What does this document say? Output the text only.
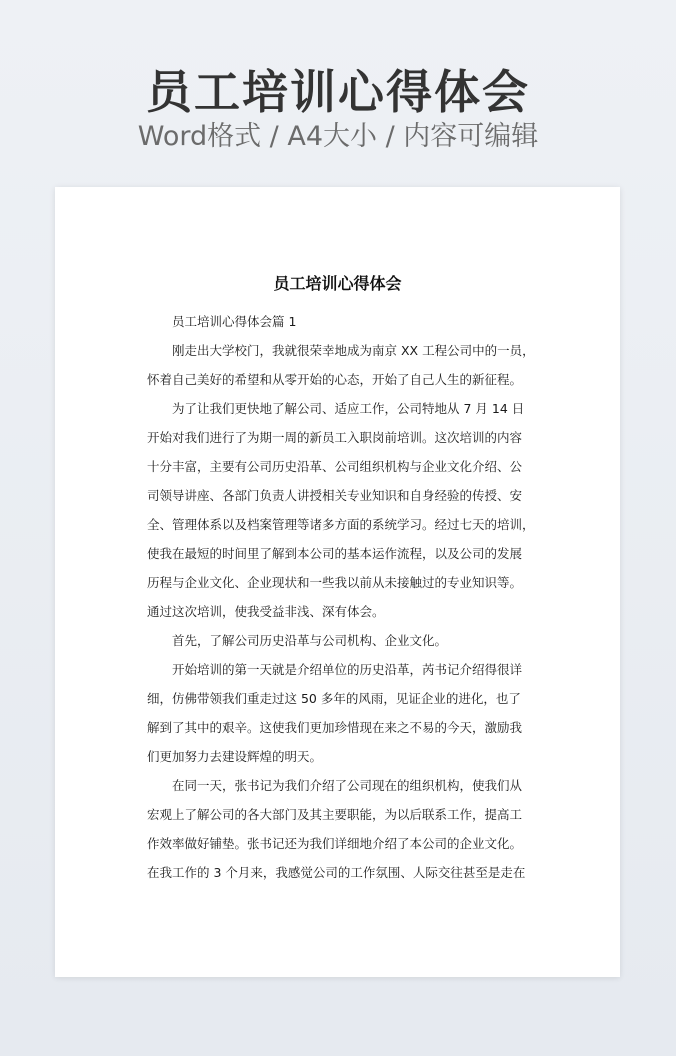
员工培训心得体会
Word格式 / A4大小 / 内容可编辑
员工培训心得体会

员工培训心得体会篇 1

刚走出大学校门，我就很荣幸地成为南京 XX 工程公司中的一员，
怀着自己美好的希望和从零开始的心态，开始了自己人生的新征程。

为了让我们更快地了解公司、适应工作，公司特地从 7 月 14 日
开始对我们进行了为期一周的新员工入职岗前培训。这次培训的内容
十分丰富，主要有公司历史沿革、公司组织机构与企业文化介绍、公
司领导讲座、各部门负责人讲授相关专业知识和自身经验的传授、安
全、管理体系以及档案管理等诸多方面的系统学习。经过七天的培训，
使我在最短的时间里了解到本公司的基本运作流程，以及公司的发展
历程与企业文化、企业现状和一些我以前从未接触过的专业知识等。
通过这次培训，使我受益非浅、深有体会。

首先，了解公司历史沿革与公司机构、企业文化。

开始培训的第一天就是介绍单位的历史沿革，芮书记介绍得很详
细，仿佛带领我们重走过这 50 多年的风雨，见证企业的进化，也了
解到了其中的艰辛。这使我们更加珍惜现在来之不易的今天，激励我
们更加努力去建设辉煌的明天。

在同一天，张书记为我们介绍了公司现在的组织机构，使我们从
宏观上了解公司的各大部门及其主要职能，为以后联系工作，提高工
作效率做好铺垫。张书记还为我们详细地介绍了本公司的企业文化。
在我工作的 3 个月来，我感觉公司的工作氛围、人际交往甚至是走在
